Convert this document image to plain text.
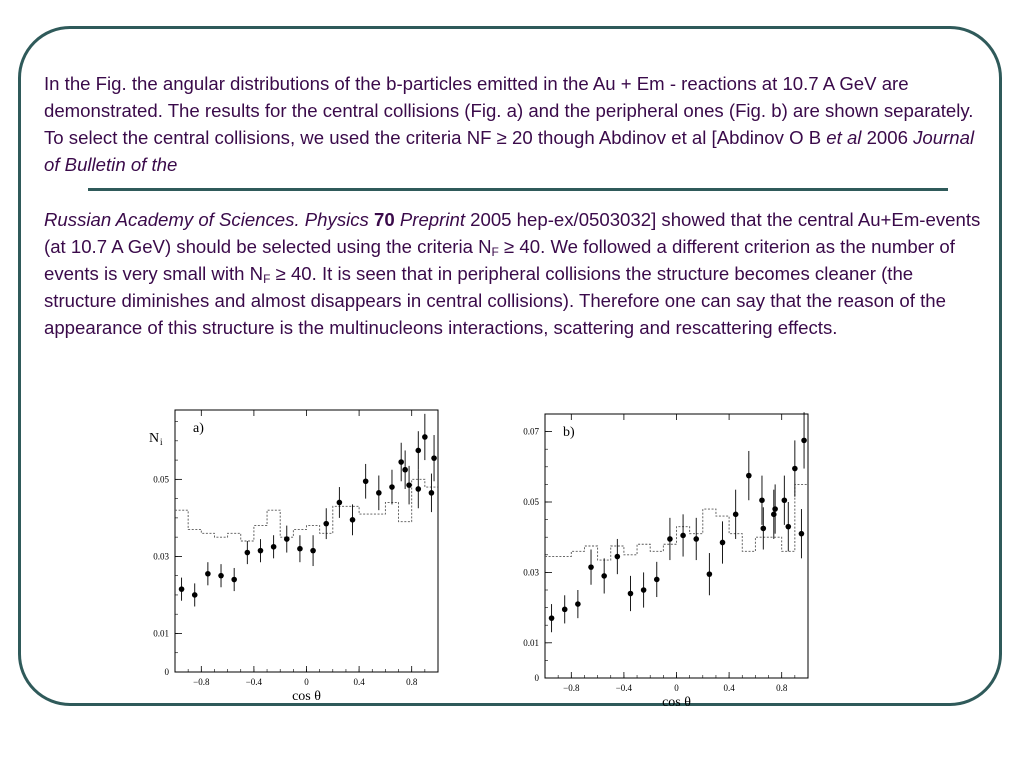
In the Fig. the angular distributions of the b-particles emitted in the Au + Em - reactions at 10.7 A GeV are demonstrated. The results for the central collisions (Fig. a) and the peripheral ones (Fig. b) are shown separately. To select the central collisions, we used the criteria NF ≥ 20 though Abdinov et al [Abdinov O B et al 2006 Journal of Bulletin of the
Russian Academy of Sciences. Physics 70 Preprint 2005 hep-ex/0503032] showed that the central Au+Em-events (at 10.7 A GeV) should be selected using the criteria $N_F \ge 40$. We followed a different criterion as the number of events is very small with $N_F \ge 40$. It is seen that in peripheral collisions the structure becomes cleaner (the structure diminishes and almost disappears in central collisions). Therefore one can say that the reason of the appearance of this structure is the multinucleons interactions, scattering and rescattering effects.
−0.8	−0.4	0	0.4	0.8
0
0.01
0.03
0.05
cos θ
a)
N i
−0.8	−0.4	0	0.4	0.8
0
0.01
0.03
0.05
0.07
cos θ
b)
